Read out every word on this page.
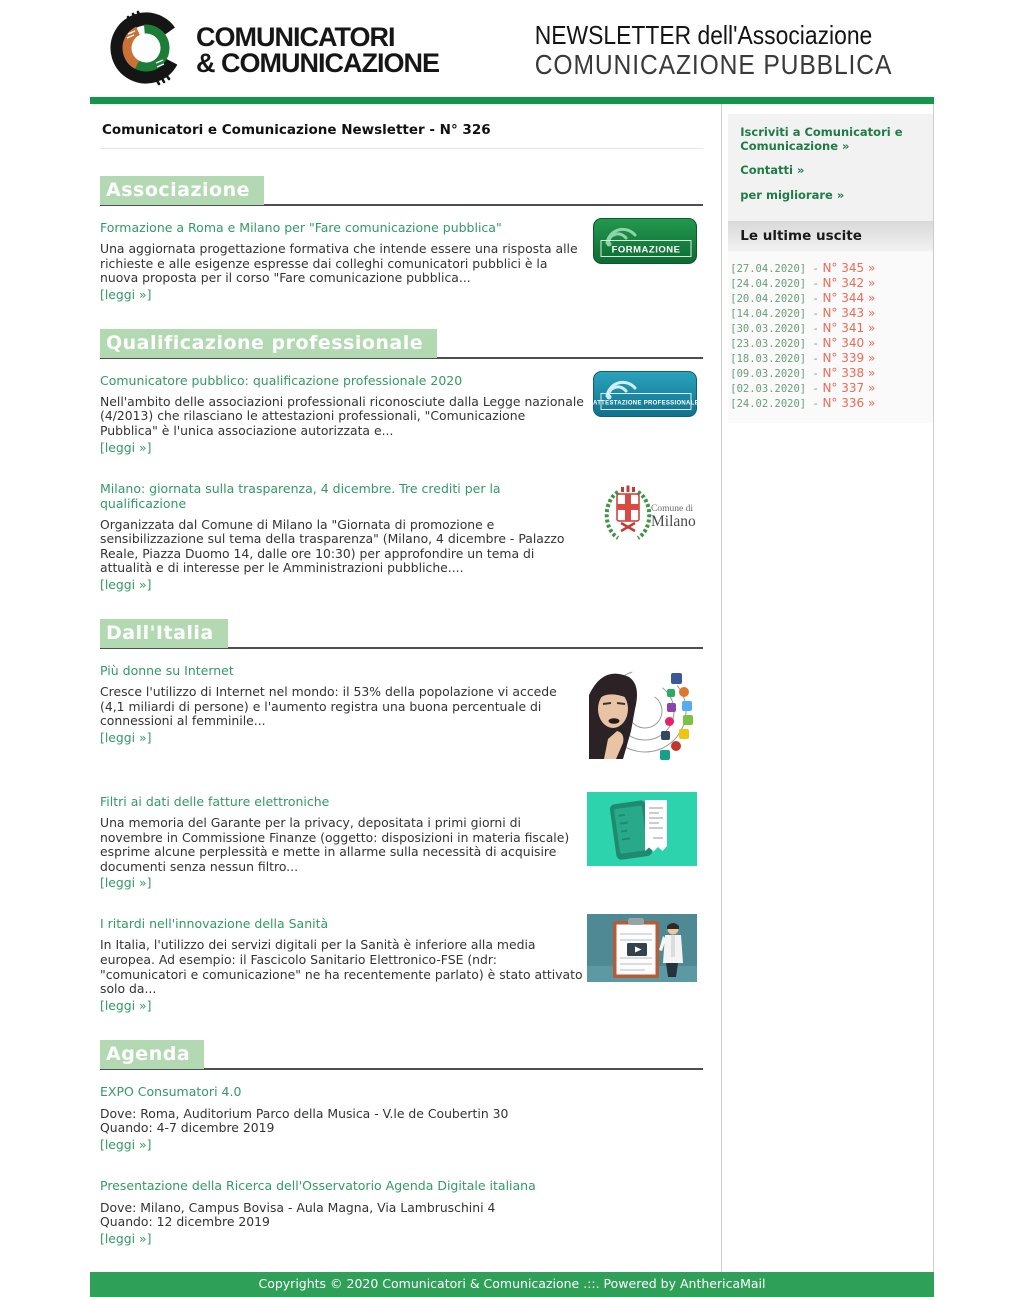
COMUNICATORI
& COMUNICAZIONE
NEWSLETTER dell'Associazione
COMUNICAZIONE PUBBLICA
Comunicatori e Comunicazione Newsletter - N° 326
Associazione
Formazione a Roma e Milano per "Fare comunicazione pubblica"
Una aggiornata progettazione formativa che intende essere una risposta alle richieste e alle esigenze espresse dai colleghi comunicatori pubblici è la nuova proposta per il corso "Fare comunicazione pubblica...
[leggi »]
FORMAZIONE
Qualificazione professionale
Comunicatore pubblico: qualificazione professionale 2020
Nell'ambito delle associazioni professionali riconosciute dalla Legge nazionale (4/2013) che rilasciano le attestazioni professionali, "Comunicazione Pubblica" è l'unica associazione autorizzata e...
[leggi »]
ATTESTAZIONE PROFESSIONALE
Milano: giornata sulla trasparenza, 4 dicembre. Tre crediti per la qualificazione
Organizzata dal Comune di Milano la "Giornata di promozione e sensibilizzazione sul tema della trasparenza" (Milano, 4 dicembre - Palazzo Reale, Piazza Duomo 14, dalle ore 10:30) per approfondire un tema di attualità e di interesse per le Amministrazioni pubbliche....
[leggi »]
Comune di
Milano
Dall'Italia
Più donne su Internet
Cresce l'utilizzo di Internet nel mondo: il 53% della popolazione vi accede (4,1 miliardi di persone) e l'aumento registra una buona percentuale di connessioni al femminile...
[leggi »]
Filtri ai dati delle fatture elettroniche
Una memoria del Garante per la privacy, depositata i primi giorni di novembre in Commissione Finanze (oggetto: disposizioni in materia fiscale) esprime alcune perplessità e mette in allarme sulla necessità di acquisire documenti senza nessun filtro...
[leggi »]
I ritardi nell'innovazione della Sanità
In Italia, l'utilizzo dei servizi digitali per la Sanità è inferiore alla media europea. Ad esempio: il Fascicolo Sanitario Elettronico-FSE (ndr: "comunicatori e comunicazione" ne ha recentemente parlato) è stato attivato solo da...
[leggi »]
Agenda
EXPO Consumatori 4.0
Dove: Roma, Auditorium Parco della Musica - V.le de Coubertin 30
Quando: 4-7 dicembre 2019
[leggi »]
Presentazione della Ricerca dell'Osservatorio Agenda Digitale italiana
Dove: Milano, Campus Bovisa - Aula Magna, Via Lambruschini 4
Quando: 12 dicembre 2019
[leggi »]
Iscriviti a Comunicatori e Comunicazione »
Contatti »
per migliorare »
Le ultime uscite
[27.04.2020] - N° 345 »
[24.04.2020] - N° 342 »
[20.04.2020] - N° 344 »
[14.04.2020] - N° 343 »
[30.03.2020] - N° 341 »
[23.03.2020] - N° 340 »
[18.03.2020] - N° 339 »
[09.03.2020] - N° 338 »
[02.03.2020] - N° 337 »
[24.02.2020] - N° 336 »
Copyrights © 2020 Comunicatori & Comunicazione .::. Powered by AnthericaMail
